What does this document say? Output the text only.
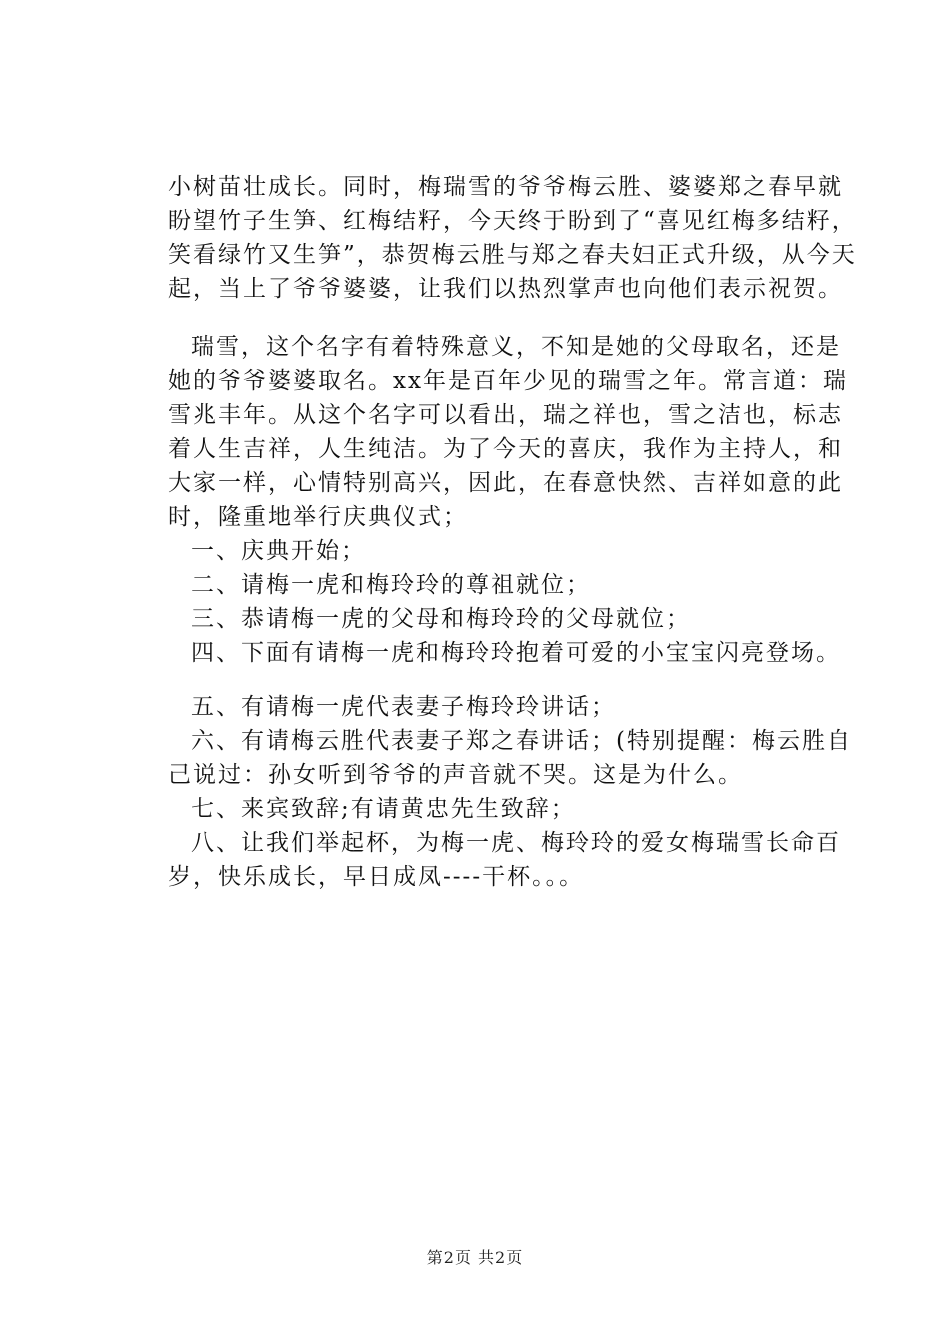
小树苗壮成长。同时，梅瑞雪的爷爷梅云胜、婆婆郑之春早就盼望竹子生笋、红梅结籽，今天终于盼到了“喜见红梅多结籽，笑看绿竹又生笋”，恭贺梅云胜与郑之春夫妇正式升级，从今天起，当上了爷爷婆婆，让我们以热烈掌声也向他们表示祝贺。

瑞雪，这个名字有着特殊意义，不知是她的父母取名，还是她的爷爷婆婆取名。xx年是百年少见的瑞雪之年。常言道：瑞雪兆丰年。从这个名字可以看出，瑞之祥也，雪之洁也，标志着人生吉祥，人生纯洁。为了今天的喜庆，我作为主持人，和大家一样，心情特别高兴，因此，在春意快然、吉祥如意的此时，隆重地举行庆典仪式；

一、庆典开始；

二、请梅一虎和梅玲玲的尊祖就位；

三、恭请梅一虎的父母和梅玲玲的父母就位；

四、下面有请梅一虎和梅玲玲抱着可爱的小宝宝闪亮登场。

五、有请梅一虎代表妻子梅玲玲讲话；

六、有请梅云胜代表妻子郑之春讲话；(特别提醒：梅云胜自己说过：孙女听到爷爷的声音就不哭。这是为什么。

七、来宾致辞;有请黄忠先生致辞；

八、让我们举起杯，为梅一虎、梅玲玲的爱女梅瑞雪长命百岁，快乐成长，早日成凤----干杯。。。

第2页 共2页
